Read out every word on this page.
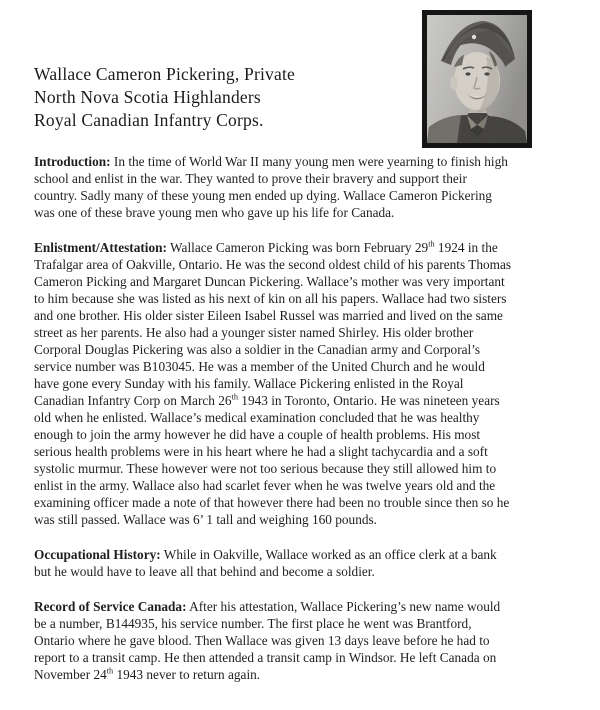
Wallace Cameron Pickering, Private
North Nova Scotia Highlanders
Royal Canadian Infantry Corps.
Introduction: In the time of World War II many young men were yearning to finish high
school and enlist in the war. They wanted to prove their bravery and support their
country. Sadly many of these young men ended up dying. Wallace Cameron Pickering
was one of these brave young men who gave up his life for Canada.
Enlistment/Attestation: Wallace Cameron Picking was born February 29th 1924 in the
Trafalgar area of Oakville, Ontario. He was the second oldest child of his parents Thomas
Cameron Picking and Margaret Duncan Pickering. Wallace’s mother was very important
to him because she was listed as his next of kin on all his papers. Wallace had two sisters
and one brother. His older sister Eileen Isabel Russel was married and lived on the same
street as her parents. He also had a younger sister named Shirley. His older brother
Corporal Douglas Pickering was also a soldier in the Canadian army and Corporal’s
service number was B103045. He was a member of the United Church and he would
have gone every Sunday with his family. Wallace Pickering enlisted in the Royal
Canadian Infantry Corp on March 26th 1943 in Toronto, Ontario. He was nineteen years
old when he enlisted. Wallace’s medical examination concluded that he was healthy
enough to join the army however he did have a couple of health problems. His most
serious health problems were in his heart where he had a slight tachycardia and a soft
systolic murmur. These however were not too serious because they still allowed him to
enlist in the army. Wallace also had scarlet fever when he was twelve years old and the
examining officer made a note of that however there had been no trouble since then so he
was still passed. Wallace was 6’ 1 tall and weighing 160 pounds.
Occupational History: While in Oakville, Wallace worked as an office clerk at a bank
but he would have to leave all that behind and become a soldier.
Record of Service Canada: After his attestation, Wallace Pickering’s new name would
be a number, B144935, his service number. The first place he went was Brantford,
Ontario where he gave blood. Then Wallace was given 13 days leave before he had to
report to a transit camp. He then attended a transit camp in Windsor. He left Canada on
November 24th 1943 never to return again.
